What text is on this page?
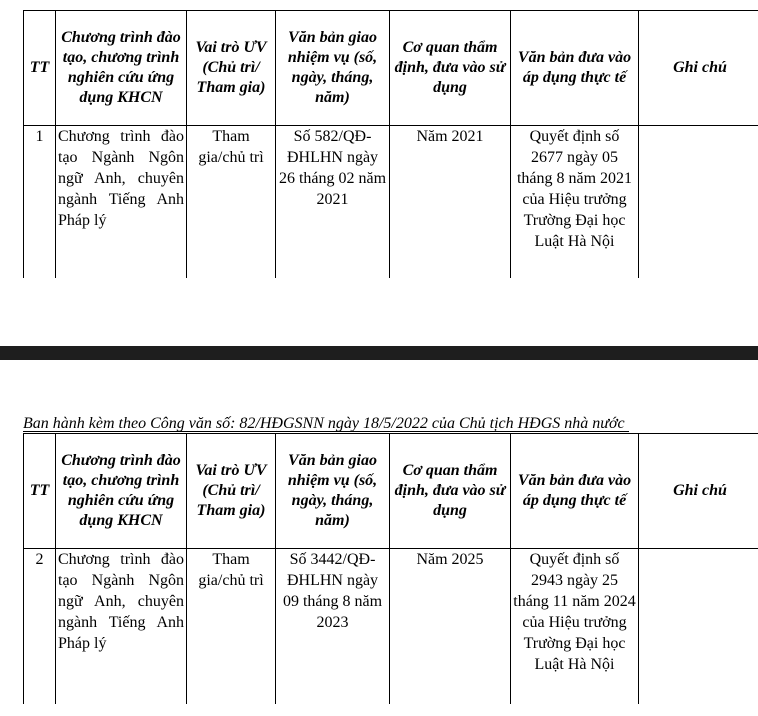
TT	Chương trình đào tạo, chương trình nghiên cứu ứng dụng KHCN	Vai trò ƯV (Chủ trì/ Tham gia)	Văn bản giao nhiệm vụ (số, ngày, tháng, năm)	Cơ quan thẩm định, đưa vào sử dụng	Văn bản đưa vào áp dụng thực tế	Ghi chú
1	Chương trình đào tạo Ngành Ngôn ngữ Anh, chuyên ngành Tiếng Anh Pháp lý	Tham gia/chủ trì	Số 582/QĐ-ĐHLHN ngày 26 tháng 02 năm 2021	Năm 2021	Quyết định số 2677 ngày 05 tháng 8 năm 2021 của Hiệu trưởng Trường Đại học Luật Hà Nội	
Ban hành kèm theo Công văn số: 82/HĐGSNN ngày 18/5/2022 của Chủ tịch HĐGS nhà nước
TT	Chương trình đào tạo, chương trình nghiên cứu ứng dụng KHCN	Vai trò ƯV (Chủ trì/ Tham gia)	Văn bản giao nhiệm vụ (số, ngày, tháng, năm)	Cơ quan thẩm định, đưa vào sử dụng	Văn bản đưa vào áp dụng thực tế	Ghi chú
2	Chương trình đào tạo Ngành Ngôn ngữ Anh, chuyên ngành Tiếng Anh Pháp lý	Tham gia/chủ trì	Số 3442/QĐ-ĐHLHN ngày 09 tháng 8 năm 2023	Năm 2025	Quyết định số 2943 ngày 25 tháng 11 năm 2024 của Hiệu trưởng Trường Đại học Luật Hà Nội	
